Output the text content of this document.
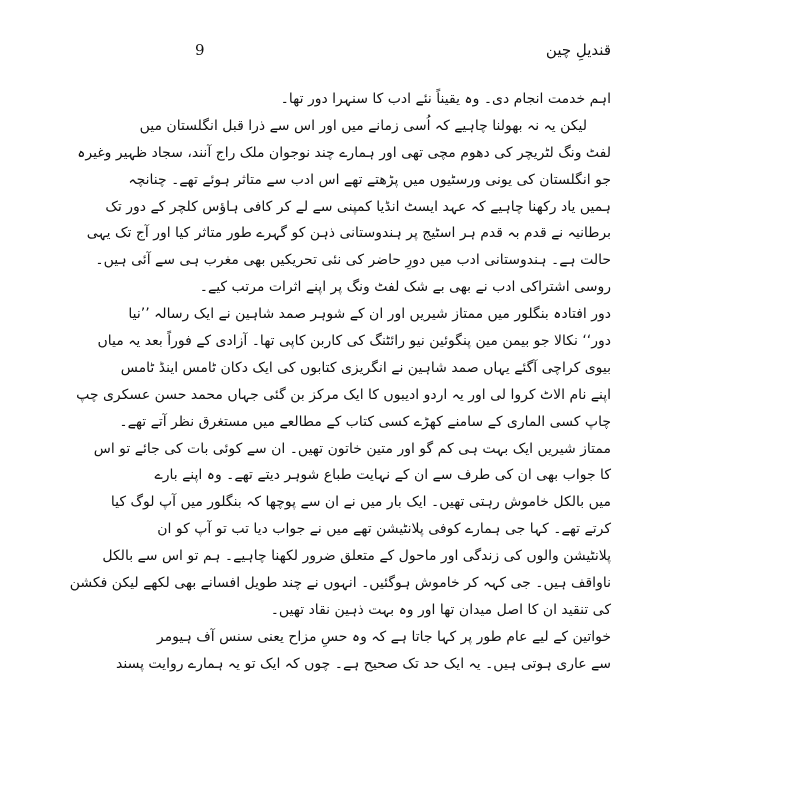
قندیلِ چین
9
اہم خدمت انجام دی۔ وہ یقیناً نئے ادب کا سنہرا دور تھا۔
لیکن یہ نہ بھولنا چاہیے کہ اُسی زمانے میں اور اس سے ذرا قبل انگلستان میں
لفٹ ونگ لٹریچر کی دھوم مچی تھی اور ہمارے چند نوجوان ملک راج آنند، سجاد ظہیر وغیرہ
جو انگلستان کی یونی ورسٹیوں میں پڑھتے تھے اس ادب سے متاثر ہوئے تھے۔ چنانچہ
ہمیں یاد رکھنا چاہیے کہ عہد ایسٹ انڈیا کمپنی سے لے کر کافی ہاؤس کلچر کے دور تک
برطانیہ نے قدم بہ قدم ہر اسٹیج پر ہندوستانی ذہن کو گہرے طور متاثر کیا اور آج تک یہی
حالت ہے۔ ہندوستانی ادب میں دورِ حاضر کی نئی تحریکیں بھی مغرب ہی سے آئی ہیں۔
روسی اشتراکی ادب نے بھی بے شک لفٹ ونگ پر اپنے اثرات مرتب کیے۔
دور افتادہ بنگلور میں ممتاز شیریں اور ان کے شوہر صمد شاہین نے ایک رسالہ ’’نیا
دور‘‘ نکالا جو بیمن مین پنگوئین نیو رائٹنگ کی کاربن کاپی تھا۔ آزادی کے فوراً بعد یہ میاں
بیوی کراچی آگئے یہاں صمد شاہین نے انگریزی کتابوں کی ایک دکان ٹامس اینڈ ٹامس
اپنے نام الاٹ کروا لی اور یہ اردو ادیبوں کا ایک مرکز بن گئی جہاں محمد حسن عسکری چپ
چاپ کسی الماری کے سامنے کھڑے کسی کتاب کے مطالعے میں مستغرق نظر آتے تھے۔
ممتاز شیریں ایک بہت ہی کم گو اور متین خاتون تھیں۔ ان سے کوئی بات کی جائے تو اس
کا جواب بھی ان کی طرف سے ان کے نہایت طباع شوہر دیتے تھے۔ وہ اپنے بارے
میں بالکل خاموش رہتی تھیں۔ ایک بار میں نے ان سے پوچھا کہ بنگلور میں آپ لوگ کیا
کرتے تھے۔ کہا جی ہمارے کوفی پلانٹیشن تھے میں نے جواب دیا تب تو آپ کو ان
پلانٹیشن والوں کی زندگی اور ماحول کے متعلق ضرور لکھنا چاہیے۔ ہم تو اس سے بالکل
ناواقف ہیں۔ جی کہہ کر خاموش ہوگئیں۔ انہوں نے چند طویل افسانے بھی لکھے لیکن فکشن
کی تنقید ان کا اصل میدان تھا اور وہ بہت ذہین نقاد تھیں۔
خواتین کے لیے عام طور پر کہا جاتا ہے کہ وہ حسِ مزاح یعنی سنس آف ہیومر
سے عاری ہوتی ہیں۔ یہ ایک حد تک صحیح ہے۔ چوں کہ ایک تو یہ ہمارے روایت پسند
